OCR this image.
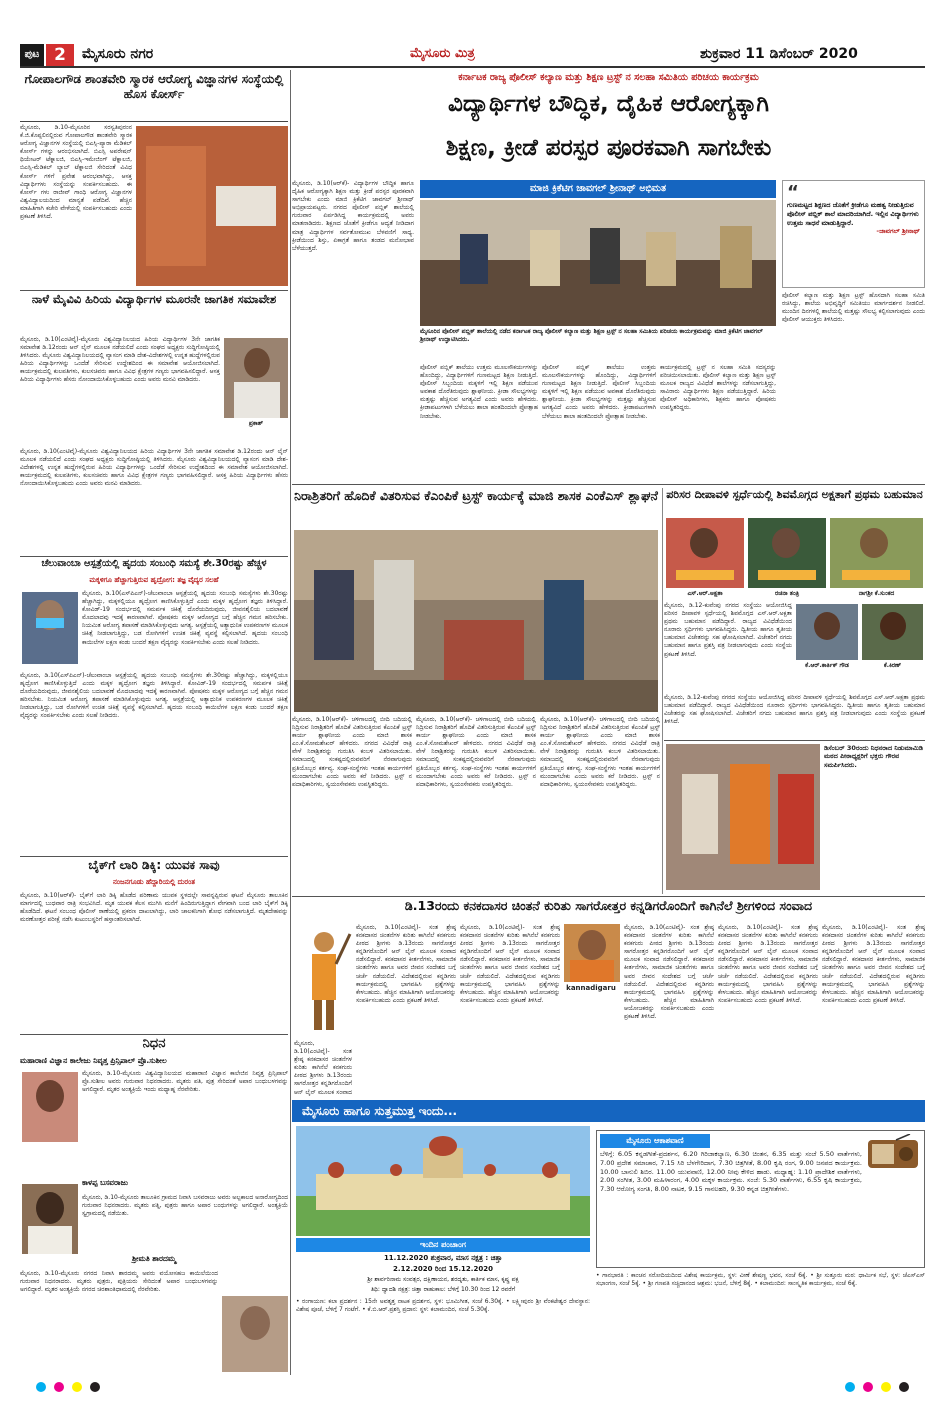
ಪುಟ 2	ಮೈಸೂರು ನಗರ	ಮೈಸೂರು ಮಿತ್ರ	ಶುಕ್ರವಾರ 11 ಡಿಸೆಂಬರ್ 2020
ಗೋಪಾಲಗೌಡ ಶಾಂತವೇರಿ ಸ್ಮಾರಕ ಆರೋಗ್ಯ ವಿಜ್ಞಾನಗಳ ಸಂಸ್ಥೆಯಲ್ಲಿ ಹೊಸ ಕೋರ್ಸ್
ಮೈಸೂರು, ಡಿ.10-ಮೈಸೂರಿನ ಸರಸ್ವತಿಪುರಂನ ಕೆ.ಜಿ.ಕೊಪ್ಪಲಿನಲ್ಲಿರುವ ಗೋಪಾಲಗೌಡ ಶಾಂತವೇರಿ ಸ್ಮಾರಕ ಆರೋಗ್ಯ ವಿಜ್ಞಾನಗಳ ಸಂಸ್ಥೆಯಲ್ಲಿ ಬಿಎಸ್ಸಿ-ಪ್ಯಾರಾ ಮೆಡಿಕಲ್ ಕೋರ್ಸ್ ಗಳನ್ನು ಆರಂಭಿಸಲಾಗಿದೆ. ಬಿಎಸ್ಸಿ ಅಪರೇಷನ್ ಥಿಯೇಟರ್ ಟೆಕ್ನಾಲಜಿ, ಬಿಎಸ್ಸಿ-ಇಮೇಜಿಂಗ್ ಟೆಕ್ನಾಲಜಿ, ಬಿಎಸ್ಸಿ-ಮೆಡಿಕಲ್ ಲ್ಯಾಬ್ ಟೆಕ್ನಾಲಜಿ ಸೇರಿದಂತೆ ವಿವಿಧ ಕೋರ್ಸ್ ಗಳಿಗೆ ಪ್ರವೇಶ ಆರಂಭವಾಗಿದ್ದು, ಆಸಕ್ತ ವಿದ್ಯಾರ್ಥಿಗಳು ಸಂಸ್ಥೆಯನ್ನು ಸಂಪರ್ಕಿಸಬಹುದು. ಈ ಕೋರ್ಸ್ ಗಳು ರಾಜೀವ್ ಗಾಂಧಿ ಆರೋಗ್ಯ ವಿಜ್ಞಾನಗಳ ವಿಶ್ವವಿದ್ಯಾಲಯದಿಂದ ಮಾನ್ಯತೆ ಪಡೆದಿವೆ. ಹೆಚ್ಚಿನ ಮಾಹಿತಿಗಾಗಿ ಕಚೇರಿ ವೇಳೆಯಲ್ಲಿ ಸಂಪರ್ಕಿಸಬಹುದು ಎಂದು ಪ್ರಕಟಣೆ ತಿಳಿಸಿದೆ.
ನಾಳೆ ಮೈವಿವಿ ಹಿರಿಯ ವಿದ್ಯಾರ್ಥಿಗಳ ಮೂರನೇ ಜಾಗತಿಕ ಸಮಾವೇಶ
ಮೈಸೂರು, ಡಿ.10(ಎಂಟಿವೈ)-ಮೈಸೂರು ವಿಶ್ವವಿದ್ಯಾನಿಲಯದ ಹಿರಿಯ ವಿದ್ಯಾರ್ಥಿಗಳ 3ನೇ ಜಾಗತಿಕ ಸಮಾವೇಶ ಡಿ.12ರಂದು ಆನ್ ಲೈನ್ ಮೂಲಕ ನಡೆಯಲಿದೆ ಎಂದು ಸಂಘದ ಅಧ್ಯಕ್ಷರು ಸುದ್ದಿಗೋಷ್ಠಿಯಲ್ಲಿ ತಿಳಿಸಿದರು. ಮೈಸೂರು ವಿಶ್ವವಿದ್ಯಾನಿಲಯದಲ್ಲಿ ವ್ಯಾಸಂಗ ಮಾಡಿ ದೇಶ-ವಿದೇಶಗಳಲ್ಲಿ ಉನ್ನತ ಹುದ್ದೆಗಳಲ್ಲಿರುವ ಹಿರಿಯ ವಿದ್ಯಾರ್ಥಿಗಳನ್ನು ಒಂದೆಡೆ ಸೇರಿಸುವ ಉದ್ದೇಶದಿಂದ ಈ ಸಮಾವೇಶ ಆಯೋಜಿಸಲಾಗಿದೆ. ಕಾರ್ಯಕ್ರಮದಲ್ಲಿ ಕುಲಪತಿಗಳು, ಕುಲಸಚಿವರು ಹಾಗೂ ವಿವಿಧ ಕ್ಷೇತ್ರಗಳ ಗಣ್ಯರು ಭಾಗವಹಿಸಲಿದ್ದಾರೆ. ಆಸಕ್ತ ಹಿರಿಯ ವಿದ್ಯಾರ್ಥಿಗಳು ಹೆಸರು ನೋಂದಾಯಿಸಿಕೊಳ್ಳಬಹುದು ಎಂದು ಅವರು ಮನವಿ ಮಾಡಿದರು.
ಪ್ರಕಾಶ್
ಮೈಸೂರು, ಡಿ.10(ಎಂಟಿವೈ)-ಮೈಸೂರು ವಿಶ್ವವಿದ್ಯಾನಿಲಯದ ಹಿರಿಯ ವಿದ್ಯಾರ್ಥಿಗಳ 3ನೇ ಜಾಗತಿಕ ಸಮಾವೇಶ ಡಿ.12ರಂದು ಆನ್ ಲೈನ್ ಮೂಲಕ ನಡೆಯಲಿದೆ ಎಂದು ಸಂಘದ ಅಧ್ಯಕ್ಷರು ಸುದ್ದಿಗೋಷ್ಠಿಯಲ್ಲಿ ತಿಳಿಸಿದರು. ಮೈಸೂರು ವಿಶ್ವವಿದ್ಯಾನಿಲಯದಲ್ಲಿ ವ್ಯಾಸಂಗ ಮಾಡಿ ದೇಶ-ವಿದೇಶಗಳಲ್ಲಿ ಉನ್ನತ ಹುದ್ದೆಗಳಲ್ಲಿರುವ ಹಿರಿಯ ವಿದ್ಯಾರ್ಥಿಗಳನ್ನು ಒಂದೆಡೆ ಸೇರಿಸುವ ಉದ್ದೇಶದಿಂದ ಈ ಸಮಾವೇಶ ಆಯೋಜಿಸಲಾಗಿದೆ. ಕಾರ್ಯಕ್ರಮದಲ್ಲಿ ಕುಲಪತಿಗಳು, ಕುಲಸಚಿವರು ಹಾಗೂ ವಿವಿಧ ಕ್ಷೇತ್ರಗಳ ಗಣ್ಯರು ಭಾಗವಹಿಸಲಿದ್ದಾರೆ. ಆಸಕ್ತ ಹಿರಿಯ ವಿದ್ಯಾರ್ಥಿಗಳು ಹೆಸರು ನೋಂದಾಯಿಸಿಕೊಳ್ಳಬಹುದು ಎಂದು ಅವರು ಮನವಿ ಮಾಡಿದರು.
ಚೆಲುವಾಂಬಾ ಆಸ್ಪತ್ರೆಯಲ್ಲಿ ಹೃದಯ ಸಂಬಂಧಿ ಸಮಸ್ಯೆ ಶೇ.30ರಷ್ಟು ಹೆಚ್ಚಳ
ಮಕ್ಕಳಿಗೂ ಹೆಚ್ಚಾಗುತ್ತಿರುವ ಹೃದ್ರೋಗ: ತಜ್ಞ ವೈದ್ಯರ ಸಲಹೆ
ಮೈಸೂರು, ಡಿ.10(ಎಸ್‌ಪಿಎನ್)-ಚೆಲುವಾಂಬಾ ಆಸ್ಪತ್ರೆಯಲ್ಲಿ ಹೃದಯ ಸಂಬಂಧಿ ಸಮಸ್ಯೆಗಳು ಶೇ.30ರಷ್ಟು ಹೆಚ್ಚಾಗಿದ್ದು, ಮಕ್ಕಳಲ್ಲಿಯೂ ಹೃದ್ರೋಗ ಕಾಣಿಸಿಕೊಳ್ಳುತ್ತಿದೆ ಎಂದು ಮಕ್ಕಳ ಹೃದ್ರೋಗ ತಜ್ಞರು ತಿಳಿಸಿದ್ದಾರೆ. ಕೋವಿಡ್-19 ಸಂದರ್ಭದಲ್ಲಿ ಸಮರ್ಪಕ ಚಿಕಿತ್ಸೆ ದೊರೆಯದಿರುವುದು, ಜೀವನಶೈಲಿಯ ಬದಲಾವಣೆ ಮೊದಲಾದವು ಇದಕ್ಕೆ ಕಾರಣವಾಗಿವೆ. ಪೋಷಕರು ಮಕ್ಕಳ ಆರೋಗ್ಯದ ಬಗ್ಗೆ ಹೆಚ್ಚಿನ ಗಮನ ಹರಿಸಬೇಕು. ನಿಯಮಿತ ಆರೋಗ್ಯ ತಪಾಸಣೆ ಮಾಡಿಸಿಕೊಳ್ಳುವುದು ಅಗತ್ಯ. ಆಸ್ಪತ್ರೆಯಲ್ಲಿ ಅತ್ಯಾಧುನಿಕ ಉಪಕರಣಗಳ ಮೂಲಕ ಚಿಕಿತ್ಸೆ ನೀಡಲಾಗುತ್ತಿದ್ದು, ಬಡ ರೋಗಿಗಳಿಗೆ ಉಚಿತ ಚಿಕಿತ್ಸೆ ವ್ಯವಸ್ಥೆ ಕಲ್ಪಿಸಲಾಗಿದೆ. ಹೃದಯ ಸಂಬಂಧಿ ಕಾಯಿಲೆಗಳ ಲಕ್ಷಣ ಕಂಡು ಬಂದರೆ ತಕ್ಷಣ ವೈದ್ಯರನ್ನು ಸಂಪರ್ಕಿಸಬೇಕು ಎಂದು ಸಲಹೆ ನೀಡಿದರು.
ಮೈಸೂರು, ಡಿ.10(ಎಸ್‌ಪಿಎನ್)-ಚೆಲುವಾಂಬಾ ಆಸ್ಪತ್ರೆಯಲ್ಲಿ ಹೃದಯ ಸಂಬಂಧಿ ಸಮಸ್ಯೆಗಳು ಶೇ.30ರಷ್ಟು ಹೆಚ್ಚಾಗಿದ್ದು, ಮಕ್ಕಳಲ್ಲಿಯೂ ಹೃದ್ರೋಗ ಕಾಣಿಸಿಕೊಳ್ಳುತ್ತಿದೆ ಎಂದು ಮಕ್ಕಳ ಹೃದ್ರೋಗ ತಜ್ಞರು ತಿಳಿಸಿದ್ದಾರೆ. ಕೋವಿಡ್-19 ಸಂದರ್ಭದಲ್ಲಿ ಸಮರ್ಪಕ ಚಿಕಿತ್ಸೆ ದೊರೆಯದಿರುವುದು, ಜೀವನಶೈಲಿಯ ಬದಲಾವಣೆ ಮೊದಲಾದವು ಇದಕ್ಕೆ ಕಾರಣವಾಗಿವೆ. ಪೋಷಕರು ಮಕ್ಕಳ ಆರೋಗ್ಯದ ಬಗ್ಗೆ ಹೆಚ್ಚಿನ ಗಮನ ಹರಿಸಬೇಕು. ನಿಯಮಿತ ಆರೋಗ್ಯ ತಪಾಸಣೆ ಮಾಡಿಸಿಕೊಳ್ಳುವುದು ಅಗತ್ಯ. ಆಸ್ಪತ್ರೆಯಲ್ಲಿ ಅತ್ಯಾಧುನಿಕ ಉಪಕರಣಗಳ ಮೂಲಕ ಚಿಕಿತ್ಸೆ ನೀಡಲಾಗುತ್ತಿದ್ದು, ಬಡ ರೋಗಿಗಳಿಗೆ ಉಚಿತ ಚಿಕಿತ್ಸೆ ವ್ಯವಸ್ಥೆ ಕಲ್ಪಿಸಲಾಗಿದೆ. ಹೃದಯ ಸಂಬಂಧಿ ಕಾಯಿಲೆಗಳ ಲಕ್ಷಣ ಕಂಡು ಬಂದರೆ ತಕ್ಷಣ ವೈದ್ಯರನ್ನು ಸಂಪರ್ಕಿಸಬೇಕು ಎಂದು ಸಲಹೆ ನೀಡಿದರು.
ಬೈಕ್‌ಗೆ ಲಾರಿ ಡಿಕ್ಕಿ: ಯುವಕ ಸಾವು
ನಂಜನಗೂಡು ಹೆದ್ದಾರಿಯಲ್ಲಿ ದುರಂತ
ಮೈಸೂರು, ಡಿ.10(ಆರ್‌ಕೆ)- ಬೈಕ್‌ಗೆ ಲಾರಿ ಡಿಕ್ಕಿ ಹೊಡೆದ ಪರಿಣಾಮ ಯುವಕ ಸ್ಥಳದಲ್ಲೇ ಸಾವನ್ನಪ್ಪಿರುವ ಘಟನೆ ಮೈಸೂರು ತಾಲೂಕಿನ ಮಾರ್ಗದಲ್ಲಿ ಬುಧವಾರ ರಾತ್ರಿ ಸಂಭವಿಸಿದೆ. ಮೃತ ಯುವಕ ಕೆಲಸ ಮುಗಿಸಿ ಮನೆಗೆ ಹಿಂದಿರುಗುತ್ತಿದ್ದಾಗ ವೇಗವಾಗಿ ಬಂದ ಲಾರಿ ಬೈಕ್‌ಗೆ ಡಿಕ್ಕಿ ಹೊಡೆದಿದೆ. ಘಟನೆ ಸಂಬಂಧ ಪೊಲೀಸ್ ಠಾಣೆಯಲ್ಲಿ ಪ್ರಕರಣ ದಾಖಲಾಗಿದ್ದು, ಲಾರಿ ಚಾಲಕನಿಗಾಗಿ ಶೋಧ ನಡೆಸಲಾಗುತ್ತಿದೆ. ಮೃತದೇಹವನ್ನು ಮರಣೋತ್ತರ ಪರೀಕ್ಷೆ ನಡೆಸಿ ಕುಟುಂಬಸ್ಥರಿಗೆ ಹಸ್ತಾಂತರಿಸಲಾಗಿದೆ.
ನಿಧನ
ಮಹಾರಾಣಿ ವಿಜ್ಞಾನ ಕಾಲೇಜು ನಿವೃತ್ತ ಪ್ರಿನ್ಸಿಪಾಲ್ ಪ್ರೊ.ಸುಶೀಲ
ಮೈಸೂರು, ಡಿ.10-ಮೈಸೂರು ವಿಶ್ವವಿದ್ಯಾನಿಲಯದ ಮಹಾರಾಣಿ ವಿಜ್ಞಾನ ಕಾಲೇಜಿನ ನಿವೃತ್ತ ಪ್ರಿನ್ಸಿಪಾಲ್ ಪ್ರೊ.ಸುಶೀಲ ಅವರು ಗುರುವಾರ ನಿಧನರಾದರು. ಮೃತರು ಪತಿ, ಪುತ್ರ ಸೇರಿದಂತೆ ಅಪಾರ ಬಂಧುಬಳಗವನ್ನು ಅಗಲಿದ್ದಾರೆ. ಮೃತರ ಅಂತ್ಯಕ್ರಿಯೆ ಇಂದು ಮಧ್ಯಾಹ್ನ ನೆರವೇರಿತು.
ಕಾಳಪ್ಪ ಬಸವರಾಜು
ಮೈಸೂರು, ಡಿ.10-ಮೈಸೂರು ತಾಲೂಕಿನ ಗ್ರಾಮದ ನಿವಾಸಿ ಬಸವರಾಜು ಅವರು ಅಲ್ಪಕಾಲದ ಅನಾರೋಗ್ಯದಿಂದ ಗುರುವಾರ ನಿಧನರಾದರು. ಮೃತರು ಪತ್ನಿ, ಪುತ್ರರು ಹಾಗೂ ಅಪಾರ ಬಂಧುಗಳನ್ನು ಅಗಲಿದ್ದಾರೆ. ಅಂತ್ಯಕ್ರಿಯೆ ಸ್ವಗ್ರಾಮದಲ್ಲಿ ನಡೆಯಿತು.
ಶ್ರೀಮತಿ ಶಾರದಮ್ಮ
ಮೈಸೂರು, ಡಿ.10-ಮೈಸೂರು ನಗರದ ನಿವಾಸಿ ಶಾರದಮ್ಮ ಅವರು ವಯೋಸಹಜ ಕಾಯಿಲೆಯಿಂದ ಗುರುವಾರ ನಿಧನರಾದರು. ಮೃತರು ಪುತ್ರರು, ಪುತ್ರಿಯರು ಸೇರಿದಂತೆ ಅಪಾರ ಬಂಧುಬಳಗವನ್ನು ಅಗಲಿದ್ದಾರೆ. ಮೃತರ ಅಂತ್ಯಕ್ರಿಯೆ ನಗರದ ಚಿರಶಾಂತಿಧಾಮದಲ್ಲಿ ನೆರವೇರಿತು.
ಕರ್ನಾಟಕ ರಾಜ್ಯ ಪೊಲೀಸ್ ಕಲ್ಯಾಣ ಮತ್ತು ಶಿಕ್ಷಣ ಟ್ರಸ್ಟ್ ನ ಸಲಹಾ ಸಮಿತಿಯ ಪರಿಚಯ ಕಾರ್ಯಕ್ರಮ
ವಿದ್ಯಾರ್ಥಿಗಳ ಬೌದ್ಧಿಕ, ದೈಹಿಕ ಆರೋಗ್ಯಕ್ಕಾಗಿ
ಶಿಕ್ಷಣ, ಕ್ರೀಡೆ ಪರಸ್ಪರ ಪೂರಕವಾಗಿ ಸಾಗಬೇಕು
ಮೈಸೂರು, ಡಿ.10(ಆರ್‌ಕೆ)- ವಿದ್ಯಾರ್ಥಿಗಳ ಬೌದ್ಧಿಕ ಹಾಗೂ ದೈಹಿಕ ಆರೋಗ್ಯಕ್ಕಾಗಿ ಶಿಕ್ಷಣ ಮತ್ತು ಕ್ರೀಡೆ ಪರಸ್ಪರ ಪೂರಕವಾಗಿ ಸಾಗಬೇಕು ಎಂದು ಮಾಜಿ ಕ್ರಿಕೆಟಿಗ ಜಾವಗಲ್ ಶ್ರೀನಾಥ್ ಅಭಿಪ್ರಾಯಪಟ್ಟರು. ನಗರದ ಪೊಲೀಸ್ ಪಬ್ಲಿಕ್ ಶಾಲೆಯಲ್ಲಿ ಗುರುವಾರ ಏರ್ಪಡಿಸಿದ್ದ ಕಾರ್ಯಕ್ರಮದಲ್ಲಿ ಅವರು ಮಾತನಾಡಿದರು. ಶಿಕ್ಷಣದ ಜೊತೆಗೆ ಕ್ರೀಡೆಗೂ ಆದ್ಯತೆ ನೀಡಿದಾಗ ಮಾತ್ರ ವಿದ್ಯಾರ್ಥಿಗಳ ಸರ್ವತೋಮುಖ ಬೆಳವಣಿಗೆ ಸಾಧ್ಯ. ಕ್ರೀಡೆಯಿಂದ ಶಿಸ್ತು, ಏಕಾಗ್ರತೆ ಹಾಗೂ ತಂಡದ ಮನೋಭಾವ ಬೆಳೆಯುತ್ತದೆ.
ಮಾಜಿ ಕ್ರಿಕೆಟಿಗ ಜಾವಗಲ್ ಶ್ರೀನಾಥ್ ಅಭಿಮತ	“
ಗುಣಮಟ್ಟದ ಶಿಕ್ಷಣದ ಜೊತೆಗೆ ಕ್ರೀಡೆಗೂ ಮಹತ್ವ ನೀಡುತ್ತಿರುವ ಪೊಲೀಸ್ ಪಬ್ಲಿಕ್ ಶಾಲೆ ಮಾದರಿಯಾಗಿದೆ. ಇಲ್ಲಿನ ವಿದ್ಯಾರ್ಥಿಗಳು ಉತ್ತಮ ಸಾಧನೆ ಮಾಡುತ್ತಿದ್ದಾರೆ.
-ಜಾವಗಲ್ ಶ್ರೀನಾಥ್
ಮೈಸೂರಿನ ಪೊಲೀಸ್ ಪಬ್ಲಿಕ್ ಶಾಲೆಯಲ್ಲಿ ನಡೆದ ಕರ್ನಾಟಕ ರಾಜ್ಯ ಪೊಲೀಸ್ ಕಲ್ಯಾಣ ಮತ್ತು ಶಿಕ್ಷಣ ಟ್ರಸ್ಟ್ ನ ಸಲಹಾ ಸಮಿತಿಯ ಪರಿಚಯ ಕಾರ್ಯಕ್ರಮವನ್ನು ಮಾಜಿ ಕ್ರಿಕೆಟಿಗ ಜಾವಗಲ್ ಶ್ರೀನಾಥ್ ಉದ್ಘಾಟಿಸಿದರು.
ಪೊಲೀಸ್ ಕಲ್ಯಾಣ ಮತ್ತು ಶಿಕ್ಷಣ ಟ್ರಸ್ಟ್ ಹೊಸದಾಗಿ ಸಲಹಾ ಸಮಿತಿ ರಚಿಸಿದ್ದು, ಶಾಲೆಯ ಅಭಿವೃದ್ಧಿಗೆ ಸಮಿತಿಯು ಮಾರ್ಗದರ್ಶನ ನೀಡಲಿದೆ. ಮುಂದಿನ ದಿನಗಳಲ್ಲಿ ಶಾಲೆಯಲ್ಲಿ ಮತ್ತಷ್ಟು ಸೌಲಭ್ಯ ಕಲ್ಪಿಸಲಾಗುವುದು ಎಂದು ಪೊಲೀಸ್ ಆಯುಕ್ತರು ತಿಳಿಸಿದರು.
ಪೊಲೀಸ್ ಪಬ್ಲಿಕ್ ಶಾಲೆಯು ಉತ್ತಮ ಮೂಲಸೌಕರ್ಯಗಳನ್ನು ಹೊಂದಿದ್ದು, ವಿದ್ಯಾರ್ಥಿಗಳಿಗೆ ಗುಣಮಟ್ಟದ ಶಿಕ್ಷಣ ನೀಡುತ್ತಿದೆ. ಪೊಲೀಸ್ ಸಿಬ್ಬಂದಿಯ ಮಕ್ಕಳಿಗೆ ಇಲ್ಲಿ ಶಿಕ್ಷಣ ಪಡೆಯುವ ಅವಕಾಶ ದೊರೆತಿರುವುದು ಶ್ಲಾಘನೀಯ. ಕ್ರೀಡಾ ಸೌಲಭ್ಯಗಳನ್ನು ಮತ್ತಷ್ಟು ಹೆಚ್ಚಿಸುವ ಅಗತ್ಯವಿದೆ ಎಂದು ಅವರು ಹೇಳಿದರು. ಕ್ರೀಡಾಪಟುಗಳಾಗಿ ಬೆಳೆಯಲು ಶಾಲಾ ಹಂತದಿಂದಲೇ ಪ್ರೋತ್ಸಾಹ ನೀಡಬೇಕು.
ಪೊಲೀಸ್ ಪಬ್ಲಿಕ್ ಶಾಲೆಯು ಉತ್ತಮ ಮೂಲಸೌಕರ್ಯಗಳನ್ನು ಹೊಂದಿದ್ದು, ವಿದ್ಯಾರ್ಥಿಗಳಿಗೆ ಗುಣಮಟ್ಟದ ಶಿಕ್ಷಣ ನೀಡುತ್ತಿದೆ. ಪೊಲೀಸ್ ಸಿಬ್ಬಂದಿಯ ಮಕ್ಕಳಿಗೆ ಇಲ್ಲಿ ಶಿಕ್ಷಣ ಪಡೆಯುವ ಅವಕಾಶ ದೊರೆತಿರುವುದು ಶ್ಲಾಘನೀಯ. ಕ್ರೀಡಾ ಸೌಲಭ್ಯಗಳನ್ನು ಮತ್ತಷ್ಟು ಹೆಚ್ಚಿಸುವ ಅಗತ್ಯವಿದೆ ಎಂದು ಅವರು ಹೇಳಿದರು. ಕ್ರೀಡಾಪಟುಗಳಾಗಿ ಬೆಳೆಯಲು ಶಾಲಾ ಹಂತದಿಂದಲೇ ಪ್ರೋತ್ಸಾಹ ನೀಡಬೇಕು.
ಕಾರ್ಯಕ್ರಮದಲ್ಲಿ ಟ್ರಸ್ಟ್ ನ ಸಲಹಾ ಸಮಿತಿ ಸದಸ್ಯರನ್ನು ಪರಿಚಯಿಸಲಾಯಿತು. ಪೊಲೀಸ್ ಕಲ್ಯಾಣ ಮತ್ತು ಶಿಕ್ಷಣ ಟ್ರಸ್ಟ್ ಮೂಲಕ ರಾಜ್ಯದ ವಿವಿಧೆಡೆ ಶಾಲೆಗಳನ್ನು ನಡೆಸಲಾಗುತ್ತಿದ್ದು, ಸಾವಿರಾರು ವಿದ್ಯಾರ್ಥಿಗಳು ಶಿಕ್ಷಣ ಪಡೆಯುತ್ತಿದ್ದಾರೆ. ಹಿರಿಯ ಪೊಲೀಸ್ ಅಧಿಕಾರಿಗಳು, ಶಿಕ್ಷಕರು ಹಾಗೂ ಪೋಷಕರು ಉಪಸ್ಥಿತರಿದ್ದರು.
ನಿರಾಶ್ರಿತರಿಗೆ ಹೊದಿಕೆ ವಿತರಿಸುವ ಕೆಎಂಪಿಕೆ ಟ್ರಸ್ಟ್ ಕಾರ್ಯಕ್ಕೆ ಮಾಜಿ ಶಾಸಕ ಎಂಕೆಎಸ್ ಶ್ಲಾಘನೆ
ಮೈಸೂರು, ಡಿ.10(ಆರ್‌ಕೆ)- ಚಳಿಗಾಲದಲ್ಲಿ ಬೀದಿ ಬದಿಯಲ್ಲಿ ನಿದ್ರಿಸುವ ನಿರಾಶ್ರಿತರಿಗೆ ಹೊದಿಕೆ ವಿತರಿಸುತ್ತಿರುವ ಕೆಎಂಪಿಕೆ ಟ್ರಸ್ಟ್ ಕಾರ್ಯ ಶ್ಲಾಘನೀಯ ಎಂದು ಮಾಜಿ ಶಾಸಕ ಎಂ.ಕೆ.ಸೋಮಶೇಖರ್ ಹೇಳಿದರು. ನಗರದ ವಿವಿಧೆಡೆ ರಾತ್ರಿ ವೇಳೆ ನಿರಾಶ್ರಿತರನ್ನು ಗುರುತಿಸಿ ಕಂಬಳಿ ವಿತರಿಸಲಾಯಿತು. ಸಮಾಜದಲ್ಲಿ ಸಂಕಷ್ಟದಲ್ಲಿರುವವರಿಗೆ ನೆರವಾಗುವುದು ಪ್ರತಿಯೊಬ್ಬರ ಕರ್ತವ್ಯ. ಸಂಘ-ಸಂಸ್ಥೆಗಳು ಇಂತಹ ಕಾರ್ಯಗಳಿಗೆ ಮುಂದಾಗಬೇಕು ಎಂದು ಅವರು ಕರೆ ನೀಡಿದರು. ಟ್ರಸ್ಟ್ ನ ಪದಾಧಿಕಾರಿಗಳು, ಸ್ವಯಂಸೇವಕರು ಉಪಸ್ಥಿತರಿದ್ದರು.
ಮೈಸೂರು, ಡಿ.10(ಆರ್‌ಕೆ)- ಚಳಿಗಾಲದಲ್ಲಿ ಬೀದಿ ಬದಿಯಲ್ಲಿ ನಿದ್ರಿಸುವ ನಿರಾಶ್ರಿತರಿಗೆ ಹೊದಿಕೆ ವಿತರಿಸುತ್ತಿರುವ ಕೆಎಂಪಿಕೆ ಟ್ರಸ್ಟ್ ಕಾರ್ಯ ಶ್ಲಾಘನೀಯ ಎಂದು ಮಾಜಿ ಶಾಸಕ ಎಂ.ಕೆ.ಸೋಮಶೇಖರ್ ಹೇಳಿದರು. ನಗರದ ವಿವಿಧೆಡೆ ರಾತ್ರಿ ವೇಳೆ ನಿರಾಶ್ರಿತರನ್ನು ಗುರುತಿಸಿ ಕಂಬಳಿ ವಿತರಿಸಲಾಯಿತು. ಸಮಾಜದಲ್ಲಿ ಸಂಕಷ್ಟದಲ್ಲಿರುವವರಿಗೆ ನೆರವಾಗುವುದು ಪ್ರತಿಯೊಬ್ಬರ ಕರ್ತವ್ಯ. ಸಂಘ-ಸಂಸ್ಥೆಗಳು ಇಂತಹ ಕಾರ್ಯಗಳಿಗೆ ಮುಂದಾಗಬೇಕು ಎಂದು ಅವರು ಕರೆ ನೀಡಿದರು. ಟ್ರಸ್ಟ್ ನ ಪದಾಧಿಕಾರಿಗಳು, ಸ್ವಯಂಸೇವಕರು ಉಪಸ್ಥಿತರಿದ್ದರು.
ಮೈಸೂರು, ಡಿ.10(ಆರ್‌ಕೆ)- ಚಳಿಗಾಲದಲ್ಲಿ ಬೀದಿ ಬದಿಯಲ್ಲಿ ನಿದ್ರಿಸುವ ನಿರಾಶ್ರಿತರಿಗೆ ಹೊದಿಕೆ ವಿತರಿಸುತ್ತಿರುವ ಕೆಎಂಪಿಕೆ ಟ್ರಸ್ಟ್ ಕಾರ್ಯ ಶ್ಲಾಘನೀಯ ಎಂದು ಮಾಜಿ ಶಾಸಕ ಎಂ.ಕೆ.ಸೋಮಶೇಖರ್ ಹೇಳಿದರು. ನಗರದ ವಿವಿಧೆಡೆ ರಾತ್ರಿ ವೇಳೆ ನಿರಾಶ್ರಿತರನ್ನು ಗುರುತಿಸಿ ಕಂಬಳಿ ವಿತರಿಸಲಾಯಿತು. ಸಮಾಜದಲ್ಲಿ ಸಂಕಷ್ಟದಲ್ಲಿರುವವರಿಗೆ ನೆರವಾಗುವುದು ಪ್ರತಿಯೊಬ್ಬರ ಕರ್ತವ್ಯ. ಸಂಘ-ಸಂಸ್ಥೆಗಳು ಇಂತಹ ಕಾರ್ಯಗಳಿಗೆ ಮುಂದಾಗಬೇಕು ಎಂದು ಅವರು ಕರೆ ನೀಡಿದರು. ಟ್ರಸ್ಟ್ ನ ಪದಾಧಿಕಾರಿಗಳು, ಸ್ವಯಂಸೇವಕರು ಉಪಸ್ಥಿತರಿದ್ದರು.
ಪರಿಸರ ದೀಪಾವಳಿ ಸ್ಪರ್ಧೆಯಲ್ಲಿ ಶಿವಮೊಗ್ಗದ ಅಕ್ಷತಾಗೆ ಪ್ರಥಮ ಬಹುಮಾನ
ಎಸ್.ಆರ್.ಅಕ್ಷತಾ	ರಚನಾ ತಂತ್ರಿ	ನಾಗಶ್ರೀ ಕೆ.ಸುಂಕದ
ಮೈಸೂರು, ಡಿ.12-ಕುವೆಂಪು ನಗರದ ಸಂಸ್ಥೆಯು ಆಯೋಜಿಸಿದ್ದ ಪರಿಸರ ದೀಪಾವಳಿ ಸ್ಪರ್ಧೆಯಲ್ಲಿ ಶಿವಮೊಗ್ಗದ ಎಸ್.ಆರ್.ಅಕ್ಷತಾ ಪ್ರಥಮ ಬಹುಮಾನ ಪಡೆದಿದ್ದಾರೆ. ರಾಜ್ಯದ ವಿವಿಧೆಡೆಯಿಂದ ನೂರಾರು ಸ್ಪರ್ಧಿಗಳು ಭಾಗವಹಿಸಿದ್ದರು. ದ್ವಿತೀಯ ಹಾಗೂ ತೃತೀಯ ಬಹುಮಾನ ವಿಜೇತರನ್ನು ಸಹ ಘೋಷಿಸಲಾಗಿದೆ. ವಿಜೇತರಿಗೆ ನಗದು ಬಹುಮಾನ ಹಾಗೂ ಪ್ರಶಸ್ತಿ ಪತ್ರ ನೀಡಲಾಗುವುದು ಎಂದು ಸಂಸ್ಥೆಯ ಪ್ರಕಟಣೆ ತಿಳಿಸಿದೆ.
ಕೆ.ಆರ್.ಕಾರ್ತಿಕ್ ಗೌಡ	ಕೆ.ಕಿರಣ್
ಮೈಸೂರು, ಡಿ.12-ಕುವೆಂಪು ನಗರದ ಸಂಸ್ಥೆಯು ಆಯೋಜಿಸಿದ್ದ ಪರಿಸರ ದೀಪಾವಳಿ ಸ್ಪರ್ಧೆಯಲ್ಲಿ ಶಿವಮೊಗ್ಗದ ಎಸ್.ಆರ್.ಅಕ್ಷತಾ ಪ್ರಥಮ ಬಹುಮಾನ ಪಡೆದಿದ್ದಾರೆ. ರಾಜ್ಯದ ವಿವಿಧೆಡೆಯಿಂದ ನೂರಾರು ಸ್ಪರ್ಧಿಗಳು ಭಾಗವಹಿಸಿದ್ದರು. ದ್ವಿತೀಯ ಹಾಗೂ ತೃತೀಯ ಬಹುಮಾನ ವಿಜೇತರನ್ನು ಸಹ ಘೋಷಿಸಲಾಗಿದೆ. ವಿಜೇತರಿಗೆ ನಗದು ಬಹುಮಾನ ಹಾಗೂ ಪ್ರಶಸ್ತಿ ಪತ್ರ ನೀಡಲಾಗುವುದು ಎಂದು ಸಂಸ್ಥೆಯ ಪ್ರಕಟಣೆ ತಿಳಿಸಿದೆ.
ಡಿಸೆಂಬರ್ 30ರಂದು ನಿಧನರಾದ ನಿಡುಮಾಮಿಡಿ ಮಠದ ಪೀಠಾಧ್ಯಕ್ಷರಿಗೆ ಭಕ್ತರು ಗೌರವ ಸಮರ್ಪಿಸಿದರು.
ಡಿ.13ರಂದು ಕನಕದಾಸರ ಚಿಂತನೆ ಕುರಿತು ಸಾಗರೋತ್ತರ ಕನ್ನಡಿಗರೊಂದಿಗೆ ಕಾಗಿನೆಲೆ ಶ್ರೀಗಳಿಂದ ಸಂವಾದ
ಮೈಸೂರು, ಡಿ.10(ಎಂಟಿವೈ)- ಸಂತ ಶ್ರೇಷ್ಠ ಕನಕದಾಸರ ಚಿಂತನೆಗಳ ಕುರಿತು ಕಾಗಿನೆಲೆ ಕನಕಗುರು ಪೀಠದ ಶ್ರೀಗಳು ಡಿ.13ರಂದು ಸಾಗರೋತ್ತರ ಕನ್ನಡಿಗರೊಂದಿಗೆ ಆನ್ ಲೈನ್ ಮೂಲಕ ಸಂವಾದ ನಡೆಸಲಿದ್ದಾರೆ. ಕನಕದಾಸರ ಕೀರ್ತನೆಗಳು, ಸಾಮಾಜಿಕ ಚಿಂತನೆಗಳು ಹಾಗೂ ಅವರ ಜೀವನ ಸಂದೇಶದ ಬಗ್ಗೆ ಚರ್ಚೆ ನಡೆಯಲಿದೆ. ವಿದೇಶದಲ್ಲಿರುವ ಕನ್ನಡಿಗರು ಕಾರ್ಯಕ್ರಮದಲ್ಲಿ ಭಾಗವಹಿಸಿ ಪ್ರಶ್ನೆಗಳನ್ನು ಕೇಳಬಹುದು. ಹೆಚ್ಚಿನ ಮಾಹಿತಿಗಾಗಿ ಆಯೋಜಕರನ್ನು ಸಂಪರ್ಕಿಸಬಹುದು ಎಂದು ಪ್ರಕಟಣೆ ತಿಳಿಸಿದೆ.
ಮೈಸೂರು, ಡಿ.10(ಎಂಟಿವೈ)- ಸಂತ ಶ್ರೇಷ್ಠ ಕನಕದಾಸರ ಚಿಂತನೆಗಳ ಕುರಿತು ಕಾಗಿನೆಲೆ ಕನಕಗುರು ಪೀಠದ ಶ್ರೀಗಳು ಡಿ.13ರಂದು ಸಾಗರೋತ್ತರ ಕನ್ನಡಿಗರೊಂದಿಗೆ ಆನ್ ಲೈನ್ ಮೂಲಕ ಸಂವಾದ ನಡೆಸಲಿದ್ದಾರೆ. ಕನಕದಾಸರ ಕೀರ್ತನೆಗಳು, ಸಾಮಾಜಿಕ ಚಿಂತನೆಗಳು ಹಾಗೂ ಅವರ ಜೀವನ ಸಂದೇಶದ ಬಗ್ಗೆ ಚರ್ಚೆ ನಡೆಯಲಿದೆ. ವಿದೇಶದಲ್ಲಿರುವ ಕನ್ನಡಿಗರು ಕಾರ್ಯಕ್ರಮದಲ್ಲಿ ಭಾಗವಹಿಸಿ ಪ್ರಶ್ನೆಗಳನ್ನು ಕೇಳಬಹುದು. ಹೆಚ್ಚಿನ ಮಾಹಿತಿಗಾಗಿ ಆಯೋಜಕರನ್ನು ಸಂಪರ್ಕಿಸಬಹುದು ಎಂದು ಪ್ರಕಟಣೆ ತಿಳಿಸಿದೆ.
kannadigaru
ಮೈಸೂರು, ಡಿ.10(ಎಂಟಿವೈ)- ಸಂತ ಶ್ರೇಷ್ಠ ಕನಕದಾಸರ ಚಿಂತನೆಗಳ ಕುರಿತು ಕಾಗಿನೆಲೆ ಕನಕಗುರು ಪೀಠದ ಶ್ರೀಗಳು ಡಿ.13ರಂದು ಸಾಗರೋತ್ತರ ಕನ್ನಡಿಗರೊಂದಿಗೆ ಆನ್ ಲೈನ್ ಮೂಲಕ ಸಂವಾದ ನಡೆಸಲಿದ್ದಾರೆ. ಕನಕದಾಸರ ಕೀರ್ತನೆಗಳು, ಸಾಮಾಜಿಕ ಚಿಂತನೆಗಳು ಹಾಗೂ ಅವರ ಜೀವನ ಸಂದೇಶದ ಬಗ್ಗೆ ಚರ್ಚೆ ನಡೆಯಲಿದೆ. ವಿದೇಶದಲ್ಲಿರುವ ಕನ್ನಡಿಗರು ಕಾರ್ಯಕ್ರಮದಲ್ಲಿ ಭಾಗವಹಿಸಿ ಪ್ರಶ್ನೆಗಳನ್ನು ಕೇಳಬಹುದು. ಹೆಚ್ಚಿನ ಮಾಹಿತಿಗಾಗಿ ಆಯೋಜಕರನ್ನು ಸಂಪರ್ಕಿಸಬಹುದು ಎಂದು ಪ್ರಕಟಣೆ ತಿಳಿಸಿದೆ.
ಮೈಸೂರು, ಡಿ.10(ಎಂಟಿವೈ)- ಸಂತ ಶ್ರೇಷ್ಠ ಕನಕದಾಸರ ಚಿಂತನೆಗಳ ಕುರಿತು ಕಾಗಿನೆಲೆ ಕನಕಗುರು ಪೀಠದ ಶ್ರೀಗಳು ಡಿ.13ರಂದು ಸಾಗರೋತ್ತರ ಕನ್ನಡಿಗರೊಂದಿಗೆ ಆನ್ ಲೈನ್ ಮೂಲಕ ಸಂವಾದ ನಡೆಸಲಿದ್ದಾರೆ. ಕನಕದಾಸರ ಕೀರ್ತನೆಗಳು, ಸಾಮಾಜಿಕ ಚಿಂತನೆಗಳು ಹಾಗೂ ಅವರ ಜೀವನ ಸಂದೇಶದ ಬಗ್ಗೆ ಚರ್ಚೆ ನಡೆಯಲಿದೆ. ವಿದೇಶದಲ್ಲಿರುವ ಕನ್ನಡಿಗರು ಕಾರ್ಯಕ್ರಮದಲ್ಲಿ ಭಾಗವಹಿಸಿ ಪ್ರಶ್ನೆಗಳನ್ನು ಕೇಳಬಹುದು. ಹೆಚ್ಚಿನ ಮಾಹಿತಿಗಾಗಿ ಆಯೋಜಕರನ್ನು ಸಂಪರ್ಕಿಸಬಹುದು ಎಂದು ಪ್ರಕಟಣೆ ತಿಳಿಸಿದೆ.
ಮೈಸೂರು, ಡಿ.10(ಎಂಟಿವೈ)- ಸಂತ ಶ್ರೇಷ್ಠ ಕನಕದಾಸರ ಚಿಂತನೆಗಳ ಕುರಿತು ಕಾಗಿನೆಲೆ ಕನಕಗುರು ಪೀಠದ ಶ್ರೀಗಳು ಡಿ.13ರಂದು ಸಾಗರೋತ್ತರ ಕನ್ನಡಿಗರೊಂದಿಗೆ ಆನ್ ಲೈನ್ ಮೂಲಕ ಸಂವಾದ ನಡೆಸಲಿದ್ದಾರೆ. ಕನಕದಾಸರ ಕೀರ್ತನೆಗಳು, ಸಾಮಾಜಿಕ ಚಿಂತನೆಗಳು ಹಾಗೂ ಅವರ ಜೀವನ ಸಂದೇಶದ ಬಗ್ಗೆ ಚರ್ಚೆ ನಡೆಯಲಿದೆ. ವಿದೇಶದಲ್ಲಿರುವ ಕನ್ನಡಿಗರು ಕಾರ್ಯಕ್ರಮದಲ್ಲಿ ಭಾಗವಹಿಸಿ ಪ್ರಶ್ನೆಗಳನ್ನು ಕೇಳಬಹುದು. ಹೆಚ್ಚಿನ ಮಾಹಿತಿಗಾಗಿ ಆಯೋಜಕರನ್ನು ಸಂಪರ್ಕಿಸಬಹುದು ಎಂದು ಪ್ರಕಟಣೆ ತಿಳಿಸಿದೆ.
ಮೈಸೂರು, ಡಿ.10(ಎಂಟಿವೈ)- ಸಂತ ಶ್ರೇಷ್ಠ ಕನಕದಾಸರ ಚಿಂತನೆಗಳ ಕುರಿತು ಕಾಗಿನೆಲೆ ಕನಕಗುರು ಪೀಠದ ಶ್ರೀಗಳು ಡಿ.13ರಂದು ಸಾಗರೋತ್ತರ ಕನ್ನಡಿಗರೊಂದಿಗೆ ಆನ್ ಲೈನ್ ಮೂಲಕ ಸಂವಾದ
ಮೈಸೂರು ಹಾಗೂ ಸುತ್ತಮುತ್ತ ಇಂದು...
ಇಂದಿನ ಪಂಚಾಂಗ
11.12.2020 ಶುಕ್ರವಾರ, ಮಾಸ ನಕ್ಷತ್ರ : ಚಿತ್ತಾ
2.12.2020 ರಿಂದ 15.12.2020
ಶ್ರೀ ಶಾರ್ವರಿನಾಮ ಸಂವತ್ಸರ, ದಕ್ಷಿಣಾಯನ, ಶರದೃತು, ಕಾರ್ತಿಕ ಮಾಸ, ಕೃಷ್ಣ ಪಕ್ಷ
ತಿಥಿ: ದ್ವಾದಶಿ ನಕ್ಷತ್ರ: ಚಿತ್ತಾ ರಾಹುಕಾಲ: ಬೆಳಿಗ್ಗೆ 10.30 ರಿಂದ 12 ರವರೆಗೆ
• ರಂಗಾಯಣ: ಕಲಾ ಪ್ರದರ್ಶನ : 15ನೇ ಅವತೃತ್ತ ನಾಟಕ ಪ್ರದರ್ಶನ, ಸ್ಥಳ: ಭೂಮಿಗೀತ, ಸಂಜೆ 6.30ಕ್ಕೆ. • ಲಕ್ಷ್ಮೀಪುರಂ ಶ್ರೀ ವೆಂಕಟೇಶ್ವರ ದೇವಸ್ಥಾನ: ವಿಶೇಷ ಪೂಜೆ, ಬೆಳಿಗ್ಗೆ 7 ಗಂಟೆಗೆ. • ಕೆ.ಬಿ.ಆರ್.ಪ್ರಶಸ್ತಿ ಪ್ರದಾನ: ಸ್ಥಳ: ಕಲಾಮಂದಿರ, ಸಂಜೆ 5.30ಕ್ಕೆ.
ಮೈಸೂರು ಆಕಾಶವಾಣಿ
ಬೆಳಿಗ್ಗೆ: 6.05 ಕನ್ನಡಗೀತೆ-ಪ್ರದರ್ಶನ, 6.20 ಗಿರಿಜಾಕಲ್ಯಾಣ, 6.30 ಚಿಂತನ, 6.35 ಮತ್ತು ಸಂಜೆ 5.50 ವಾರ್ತೆಗಳು, 7.00 ಪ್ರದೇಶ ಸಮಾಚಾರ, 7.15 ಸಿರಿ ಬೆಳಗೇರಿದಾಗ, 7.30 ಚಿತ್ರಗೀತೆ, 8.00 ಕೃಷಿ ರಂಗ, 9.00 ಜನಪದ ಕಾರ್ಯಕ್ರಮ. 10.00 ಬಾನುಲಿ ಶಿಬಿರ. 11.00 ಯುವವಾಣಿ, 12.00 ನೀವು ಕೇಳಿದ ಹಾಡು. ಮಧ್ಯಾಹ್ನ: 1.10 ಪ್ರಾದೇಶಿಕ ವಾರ್ತೆಗಳು, 2.00 ಸಂಗೀತ, 3.00 ಮಹಿಳಾರಂಗ, 4.00 ಮಕ್ಕಳ ಕಾರ್ಯಕ್ರಮ. ಸಂಜೆ: 5.30 ವಾರ್ತೆಗಳು, 6.55 ಕೃಷಿ ಕಾರ್ಯಕ್ರಮ, 7.30 ಆರೋಗ್ಯ ಸಂಗತಿ, 8.00 ನಾಟಕ, 9.15 ಗಾನಲಹರಿ, 9.30 ಕನ್ನಡ ಚಿತ್ರಗೀತೆಗಳು.
• ಗಾನಭಾರತಿ : ಕಾಂಚನ ಸರೋದಿಯದಿಂದ ವಿಶೇಷ ಕಾರ್ಯಕ್ರಮ, ಸ್ಥಳ: ವೀಣೆ ಶೇಷಣ್ಣ ಭವನ, ಸಂಜೆ 6ಕ್ಕೆ. • ಶ್ರೀ ಸುತ್ತೂರು ಮಠ: ಧಾರ್ಮಿಕ ಸಭೆ, ಸ್ಥಳ: ಜೆಎಸ್ಎಸ್ ಸಭಾಂಗಣ, ಸಂಜೆ 5ಕ್ಕೆ. • ಶ್ರೀ ಗಣಪತಿ ಸಚ್ಚಿದಾನಂದ ಆಶ್ರಮ: ಭಜನೆ, ಬೆಳಿಗ್ಗೆ 8ಕ್ಕೆ. • ಕಲಾಮಂದಿರ: ಸಾಂಸ್ಕೃತಿಕ ಕಾರ್ಯಕ್ರಮ, ಸಂಜೆ 6ಕ್ಕೆ.
